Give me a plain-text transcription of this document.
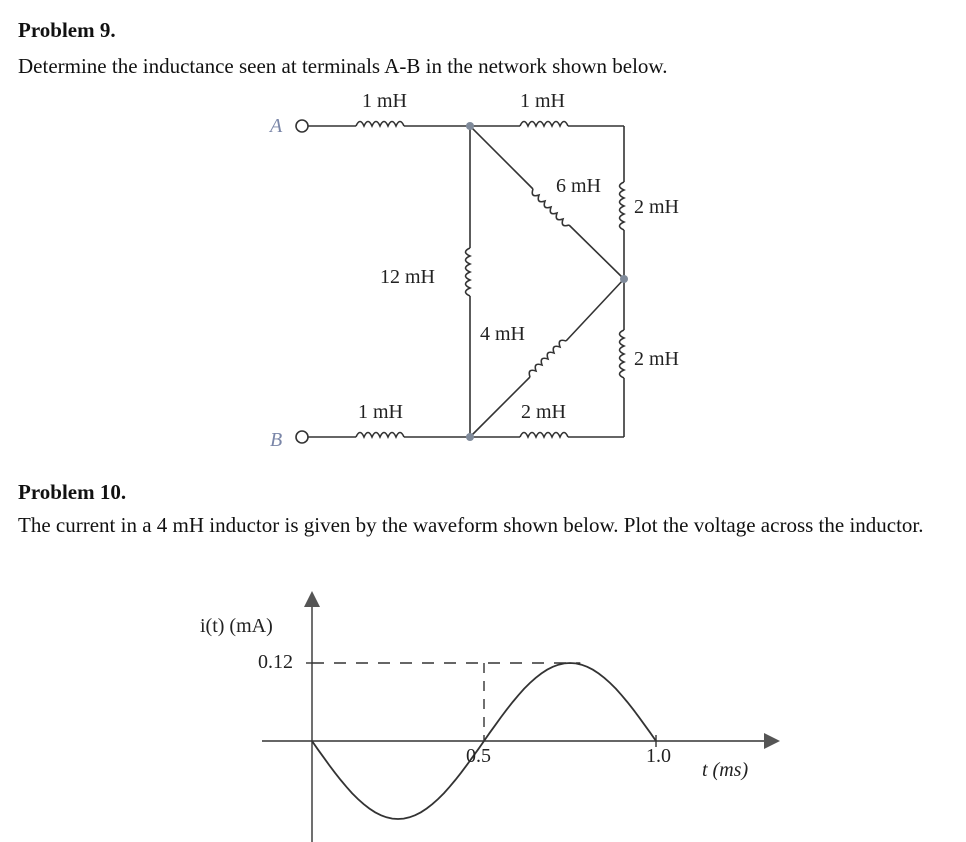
Problem 9.
Determine the inductance seen at terminals A-B in the network shown below.
A
B
1 mH	1 mH
6 mH
2 mH
12 mH
4 mH
2 mH
1 mH	2 mH
i(t) (mA)
0.12
0.5	1.0
t (ms)
Problem 10.
The current in a 4 mH inductor is given by the waveform shown below. Plot the voltage across the inductor.
